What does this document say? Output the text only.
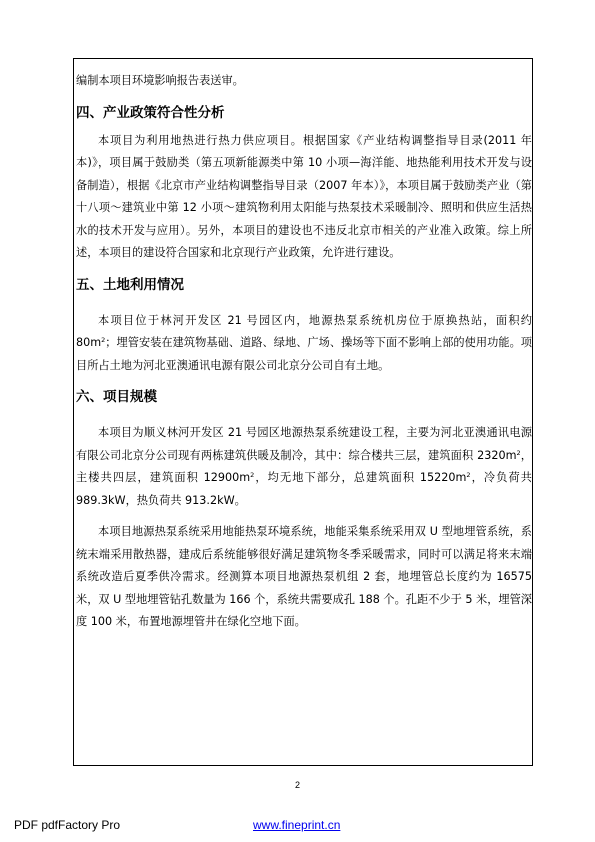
编制本项目环境影响报告表送审。

四、产业政策符合性分析

本项目为利用地热进行热力供应项目。根据国家《产业结构调整指导目录(2011 年本)》，项目属于鼓励类（第五项新能源类中第 10 小项—海洋能、地热能利用技术开发与设备制造），根据《北京市产业结构调整指导目录（2007 年本）》，本项目属于鼓励类产业（第十八项～建筑业中第 12 小项～建筑物利用太阳能与热泵技术采暖制冷、照明和供应生活热水的技术开发与应用）。另外，本项目的建设也不违反北京市相关的产业准入政策。综上所述，本项目的建设符合国家和北京现行产业政策，允许进行建设。

五、土地利用情况

本项目位于林河开发区 21 号园区内，地源热泵系统机房位于原换热站，面积约 $80m^2$；埋管安装在建筑物基础、道路、绿地、广场、操场等下面不影响上部的使用功能。项目所占土地为河北亚澳通讯电源有限公司北京分公司自有土地。

六、项目规模

本项目为顺义林河开发区 21 号园区地源热泵系统建设工程，主要为河北亚澳通讯电源有限公司北京分公司现有两栋建筑供暖及制冷，其中：综合楼共三层，建筑面积 $2320m^2$，主楼共四层，建筑面积 $12900m^2$，均无地下部分，总建筑面积 $15220m^2$，冷负荷共 989.3kW，热负荷共 913.2kW。

本项目地源热泵系统采用地能热泵环境系统，地能采集系统采用双 U 型地埋管系统，系统末端采用散热器，建成后系统能够很好满足建筑物冬季采暖需求，同时可以满足将来末端系统改造后夏季供冷需求。经测算本项目地源热泵机组 2 套，地埋管总长度约为 16575 米，双 U 型地埋管钻孔数量为 166 个，系统共需要成孔 188 个。孔距不少于 5 米，埋管深度 100 米，布置地源埋管井在绿化空地下面。

2
PDF pdfFactory Pro	www.fineprint.cn
